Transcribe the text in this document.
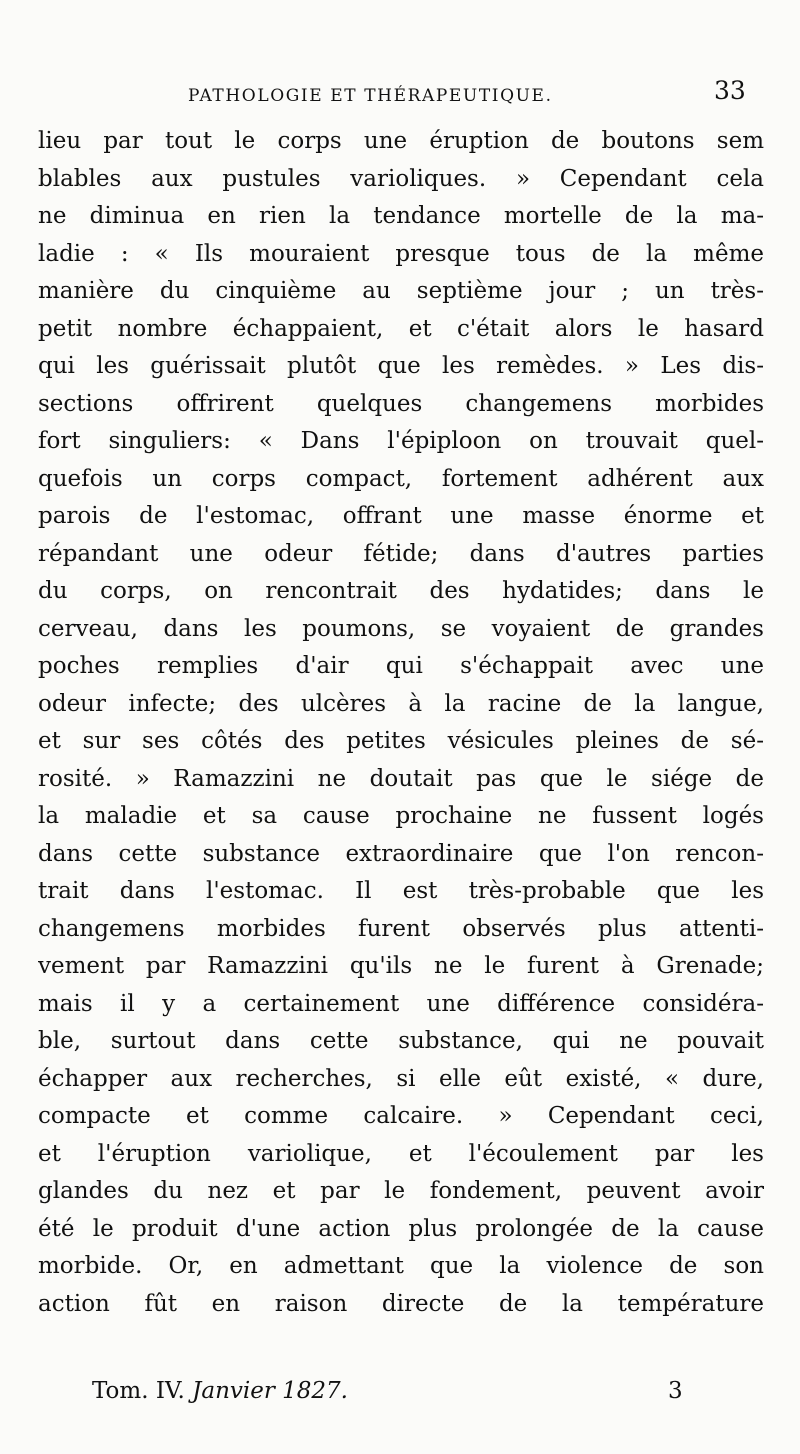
PATHOLOGIE ET THÉRAPEUTIQUE.	33
lieu par tout le corps une éruption de boutons sem
blables aux pustules varioliques. » Cependant cela
ne diminua en rien la tendance mortelle de la ma-
ladie : « Ils mouraient presque tous de la même
manière du cinquième au septième jour ; un très-
petit nombre échappaient, et c'était alors le hasard
qui les guérissait plutôt que les remèdes. » Les dis-
sections offrirent quelques changemens morbides
fort singuliers: « Dans l'épiploon on trouvait quel-
quefois un corps compact, fortement adhérent aux
parois de l'estomac, offrant une masse énorme et
répandant une odeur fétide; dans d'autres parties
du corps, on rencontrait des hydatides; dans le
cerveau, dans les poumons, se voyaient de grandes
poches remplies d'air qui s'échappait avec une
odeur infecte; des ulcères à la racine de la langue,
et sur ses côtés des petites vésicules pleines de sé-
rosité. » Ramazzini ne doutait pas que le siége de
la maladie et sa cause prochaine ne fussent logés
dans cette substance extraordinaire que l'on rencon-
trait dans l'estomac. Il est très-probable que les
changemens morbides furent observés plus attenti-
vement par Ramazzini qu'ils ne le furent à Grenade;
mais il y a certainement une différence considéra-
ble, surtout dans cette substance, qui ne pouvait
échapper aux recherches, si elle eût existé, « dure,
compacte et comme calcaire. » Cependant ceci,
et l'éruption variolique, et l'écoulement par les
glandes du nez et par le fondement, peuvent avoir
été le produit d'une action plus prolongée de la cause
morbide. Or, en admettant que la violence de son
action fût en raison directe de la température
Tom. IV. Janvier 1827.	3
